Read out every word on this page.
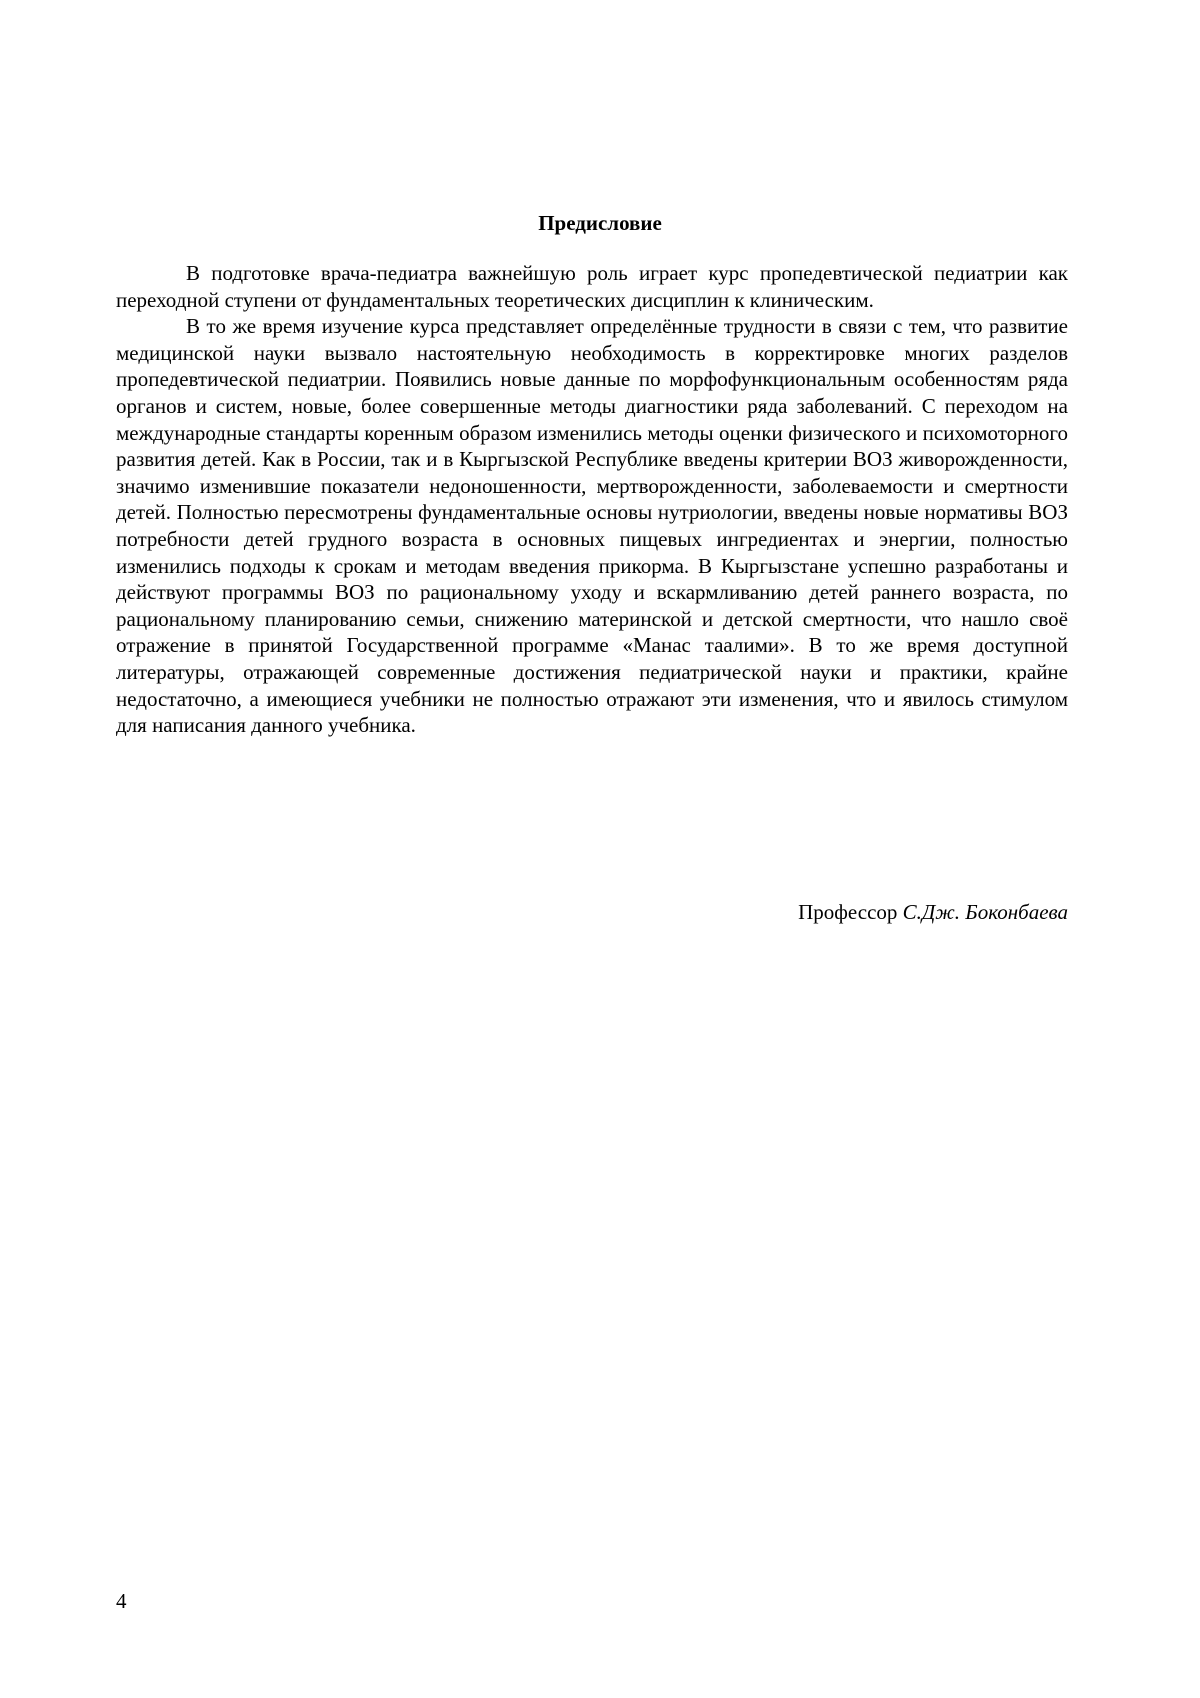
Предисловие

В подготовке врача-педиатра важнейшую роль играет курс пропедевтической педиатрии как переходной ступени от фундаментальных теоретических дисциплин к клиническим.

В то же время изучение курса представляет определённые трудности в связи с тем, что развитие медицинской науки вызвало настоятельную необходимость в корректировке многих разделов пропедевтической педиатрии. Появились новые данные по морфофункциональным особенностям ряда органов и систем, новые, более совершенные методы диагностики ряда заболеваний. С переходом на международные стандарты коренным образом изменились методы оценки физического и психомоторного развития детей. Как в России, так и в Кыргызской Республике введены критерии ВОЗ живорожденности, значимо изменившие показатели недоношенности, мертворожденности, заболеваемости и смертности детей. Полностью пересмотрены фундаментальные основы нутриологии, введены новые нормативы ВОЗ потребности детей грудного возраста в основных пищевых ингредиентах и энергии, полностью изменились подходы к срокам и методам введения прикорма. В Кыргызстане успешно разработаны и действуют программы ВОЗ по рациональному уходу и вскармливанию детей раннего возраста, по рациональному планированию семьи, снижению материнской и детской смертности, что нашло своё отражение в принятой Государственной программе «Манас таалими». В то же время доступной литературы, отражающей современные достижения педиатрической науки и практики, крайне недостаточно, а имеющиеся учебники не полностью отражают эти изменения, что и явилось стимулом для написания данного учебника.

Профессор С.Дж. Боконбаева
4
